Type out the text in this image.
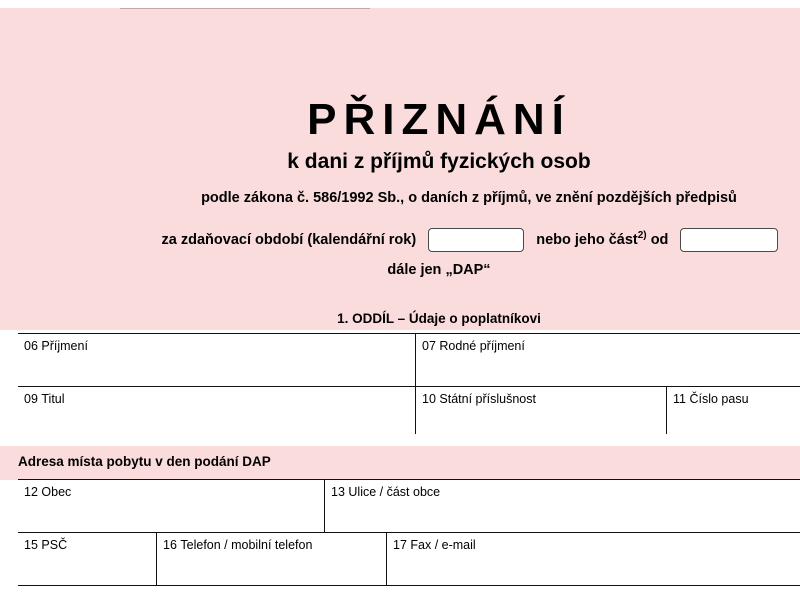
PŘIZNÁNÍ
k dani z příjmů fyzických osob
podle zákona č. 586/1992 Sb., o daních z příjmů, ve znění pozdějších předpisů
za zdaňovací období (kalendářní rok)	nebo jeho část$^{2)}$ od
dále jen „DAP“
1. ODDÍL – Údaje o poplatníkovi
06 Příjmení	07 Rodné příjmení
09 Titul	10 Státní příslušnost	11 Číslo pasu
Adresa místa pobytu v den podání DAP
12 Obec	13 Ulice / část obce
15 PSČ	16 Telefon / mobilní telefon	17 Fax / e-mail
